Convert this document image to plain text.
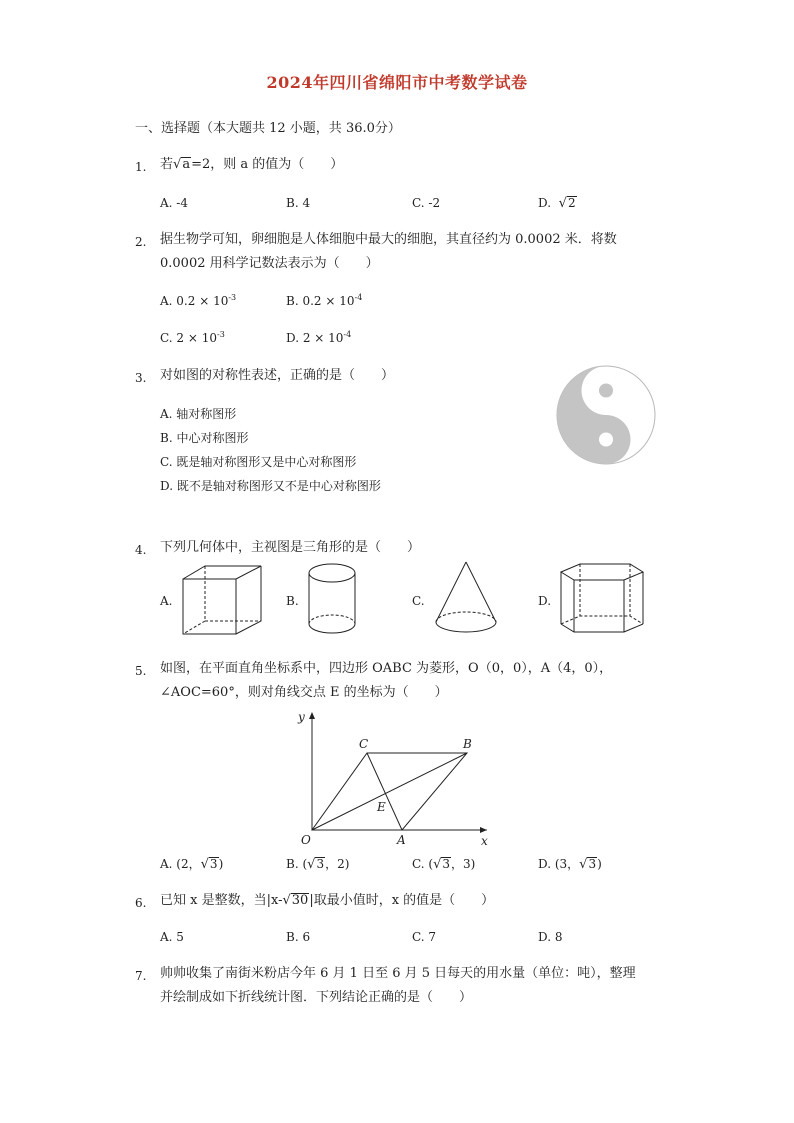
2024年四川省绵阳市中考数学试卷
一、选择题（本大题共 12 小题，共 36.0分）
1. 若√a=2，则 a 的值为（　　）
A. -4	B. 4	C. -2	D. √2
2. 据生物学可知，卵细胞是人体细胞中最大的细胞，其直径约为 0.0002 米．将数
0.0002 用科学记数法表示为（　　）
A. $0.2 \times 10^{-3}$	B. $0.2 \times 10^{-4}$
C. $2 \times 10^{-3}$	D. $2 \times 10^{-4}$
3. 对如图的对称性表述，正确的是（　　）
A. 轴对称图形
B. 中心对称图形
C. 既是轴对称图形又是中心对称图形
D. 既不是轴对称图形又不是中心对称图形
4. 下列几何体中，主视图是三角形的是（　　）
A.	B.	C.	D.
5. 如图，在平面直角坐标系中，四边形 OABC 为菱形，O（0，0），A（4，0），
∠AOC=60°，则对角线交点 E 的坐标为（　　）
y
x
C	B
E
O	A
A. (2，√3)	B. (√3，2)	C. (√3，3)	D. (3，√3)
6. 已知 x 是整数，当|x-√30|取最小值时，x 的值是（　　）
A. 5	B. 6	C. 7	D. 8
7. 帅帅收集了南街米粉店今年 6 月 1 日至 6 月 5 日每天的用水量（单位：吨），整理
并绘制成如下折线统计图．下列结论正确的是（　　）
